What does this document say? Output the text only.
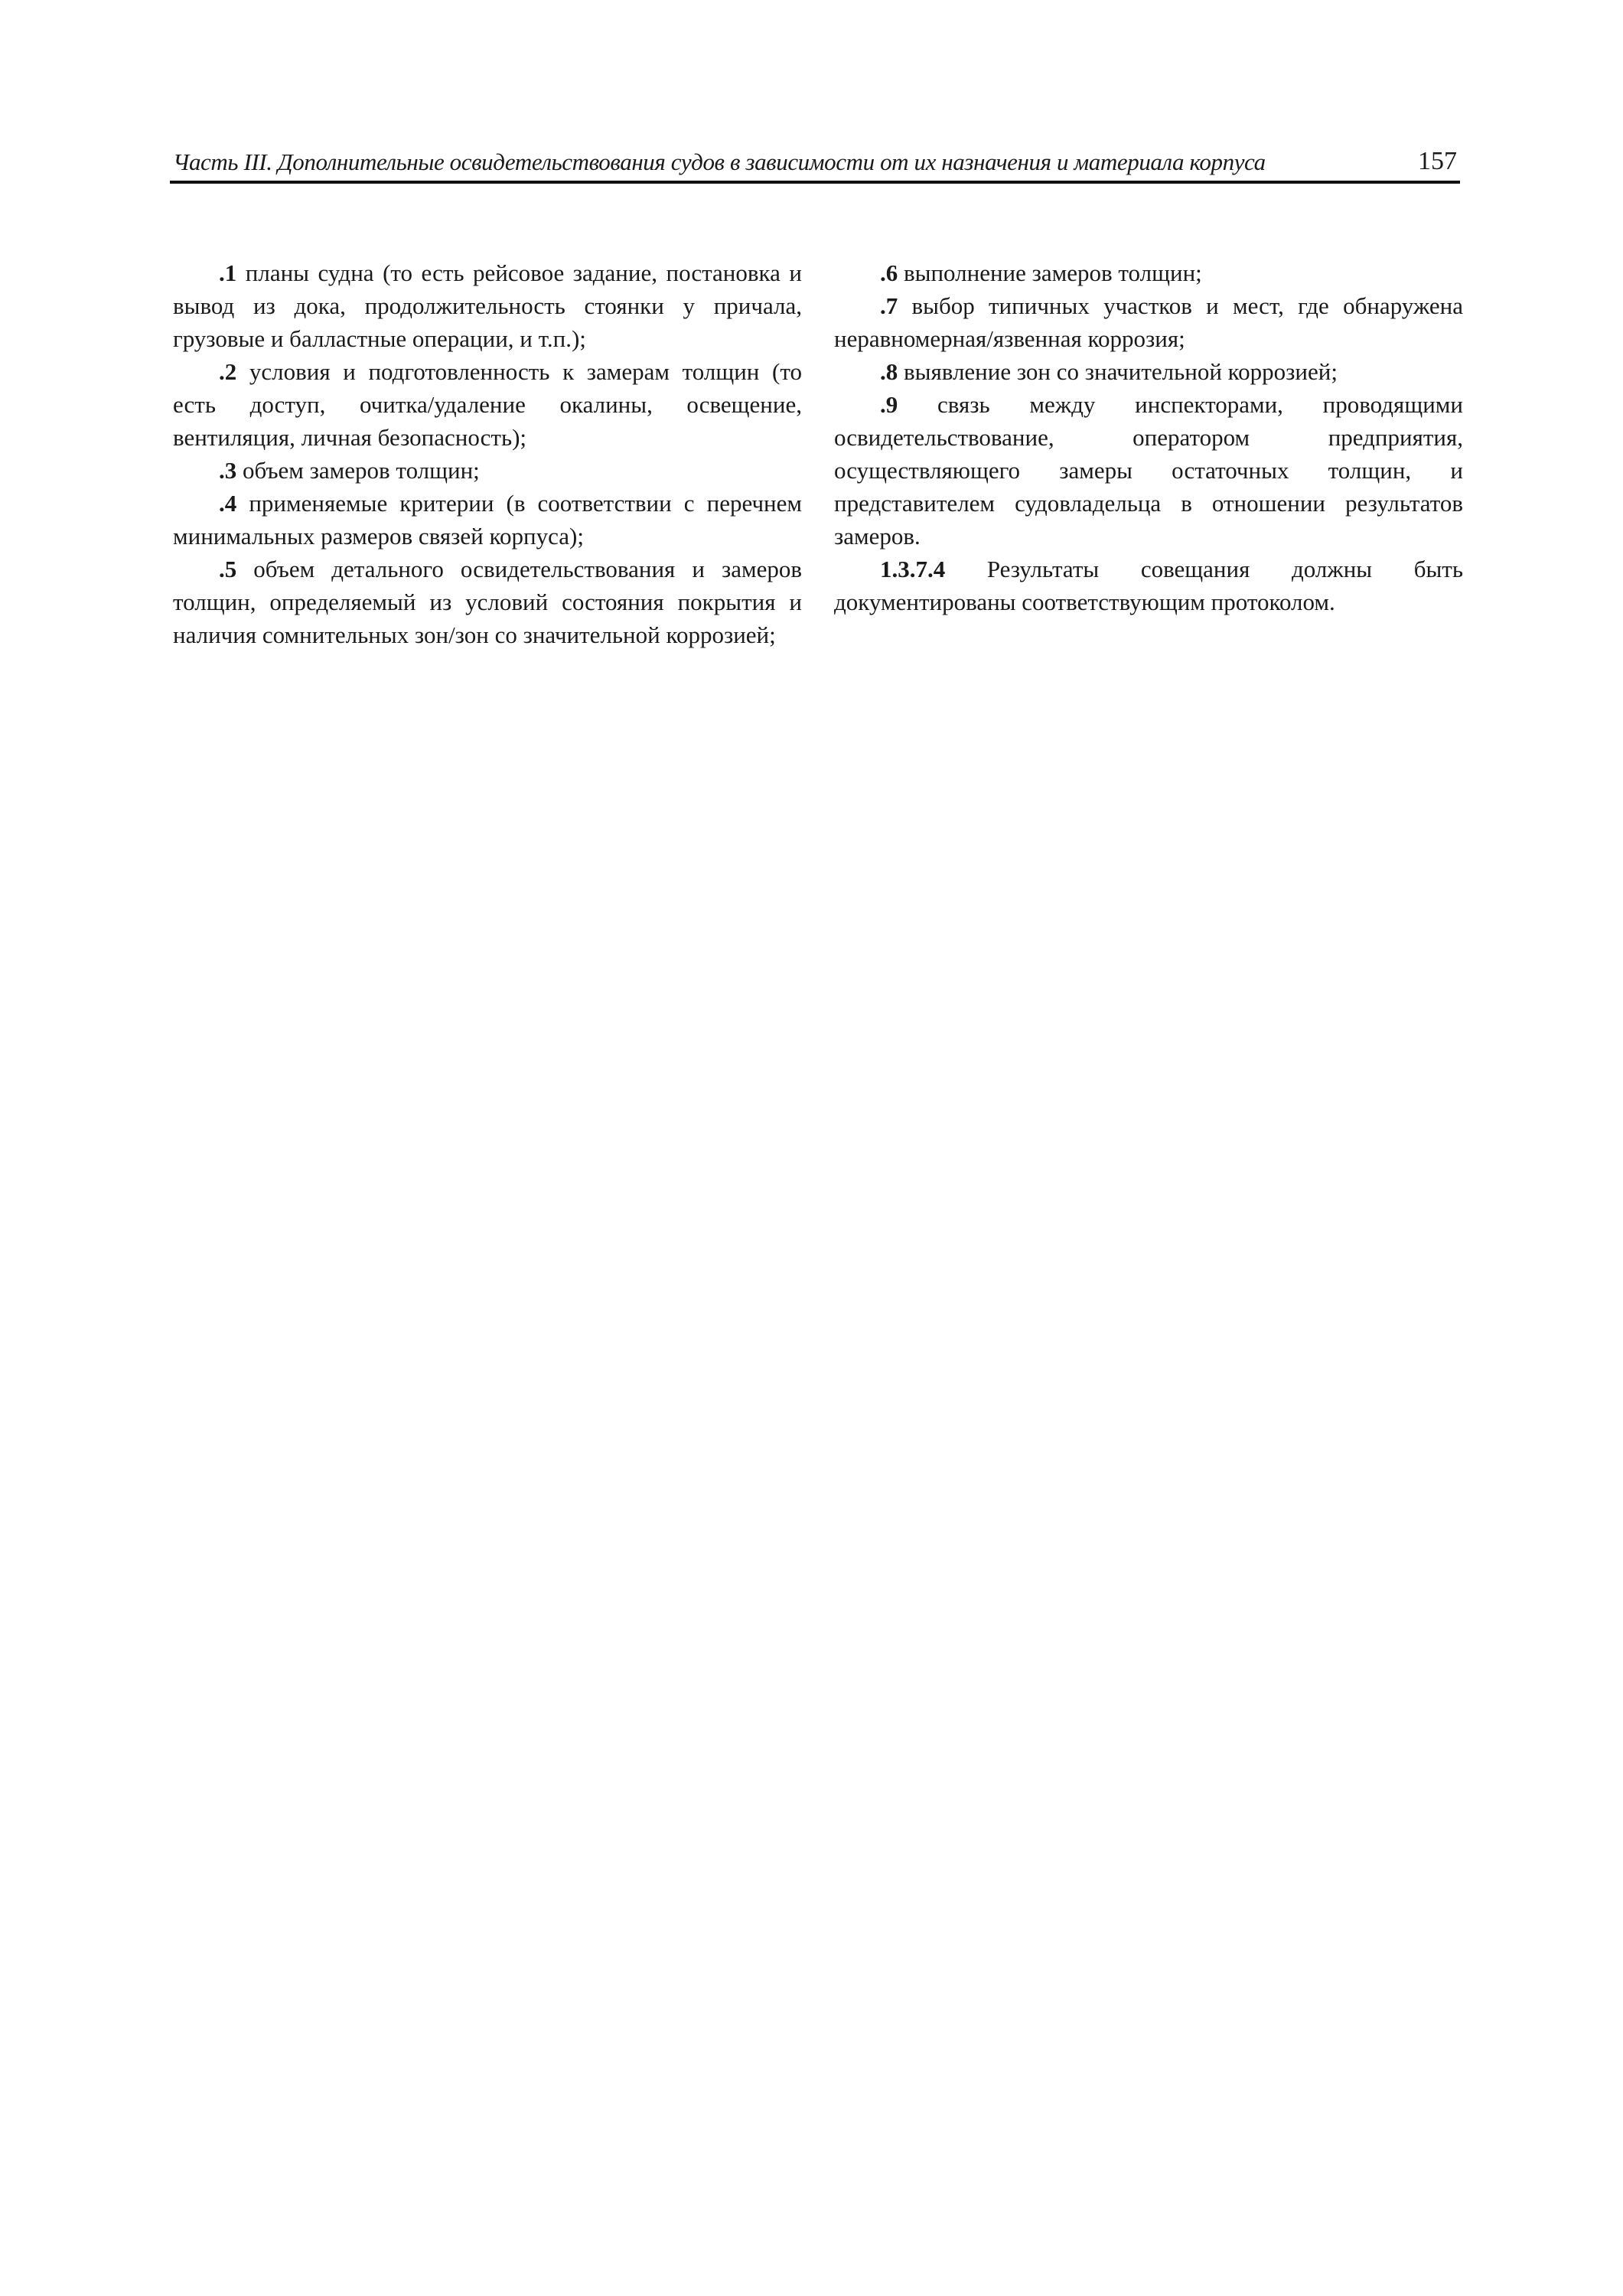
Часть III. Дополнительные освидетельствования судов в зависимости от их назначения и материала корпуса	157

.1 планы судна (то есть рейсовое задание, постановка и вывод из дока, продолжительность стоянки у причала, грузовые и балластные операции, и т.п.);

.2 условия и подготовленность к замерам толщин (то есть доступ, очитка/удаление окалины, освещение, вентиляция, личная безопасность);

.3 объем замеров толщин;

.4 применяемые критерии (в соответствии с перечнем минимальных размеров связей корпуса);

.5 объем детального освидетельствования и замеров толщин, определяемый из условий состояния покрытия и наличия сомнительных зон/зон со значительной коррозией;

.6 выполнение замеров толщин;

.7 выбор типичных участков и мест, где обнаружена неравномерная/язвенная коррозия;

.8 выявление зон со значительной коррозией;

.9 связь между инспекторами, проводящими освидетельствование, оператором предприятия, осуществляющего замеры остаточных толщин, и представителем судовладельца в отношении результатов замеров.

1.3.7.4 Результаты совещания должны быть документированы соответствующим протоколом.
